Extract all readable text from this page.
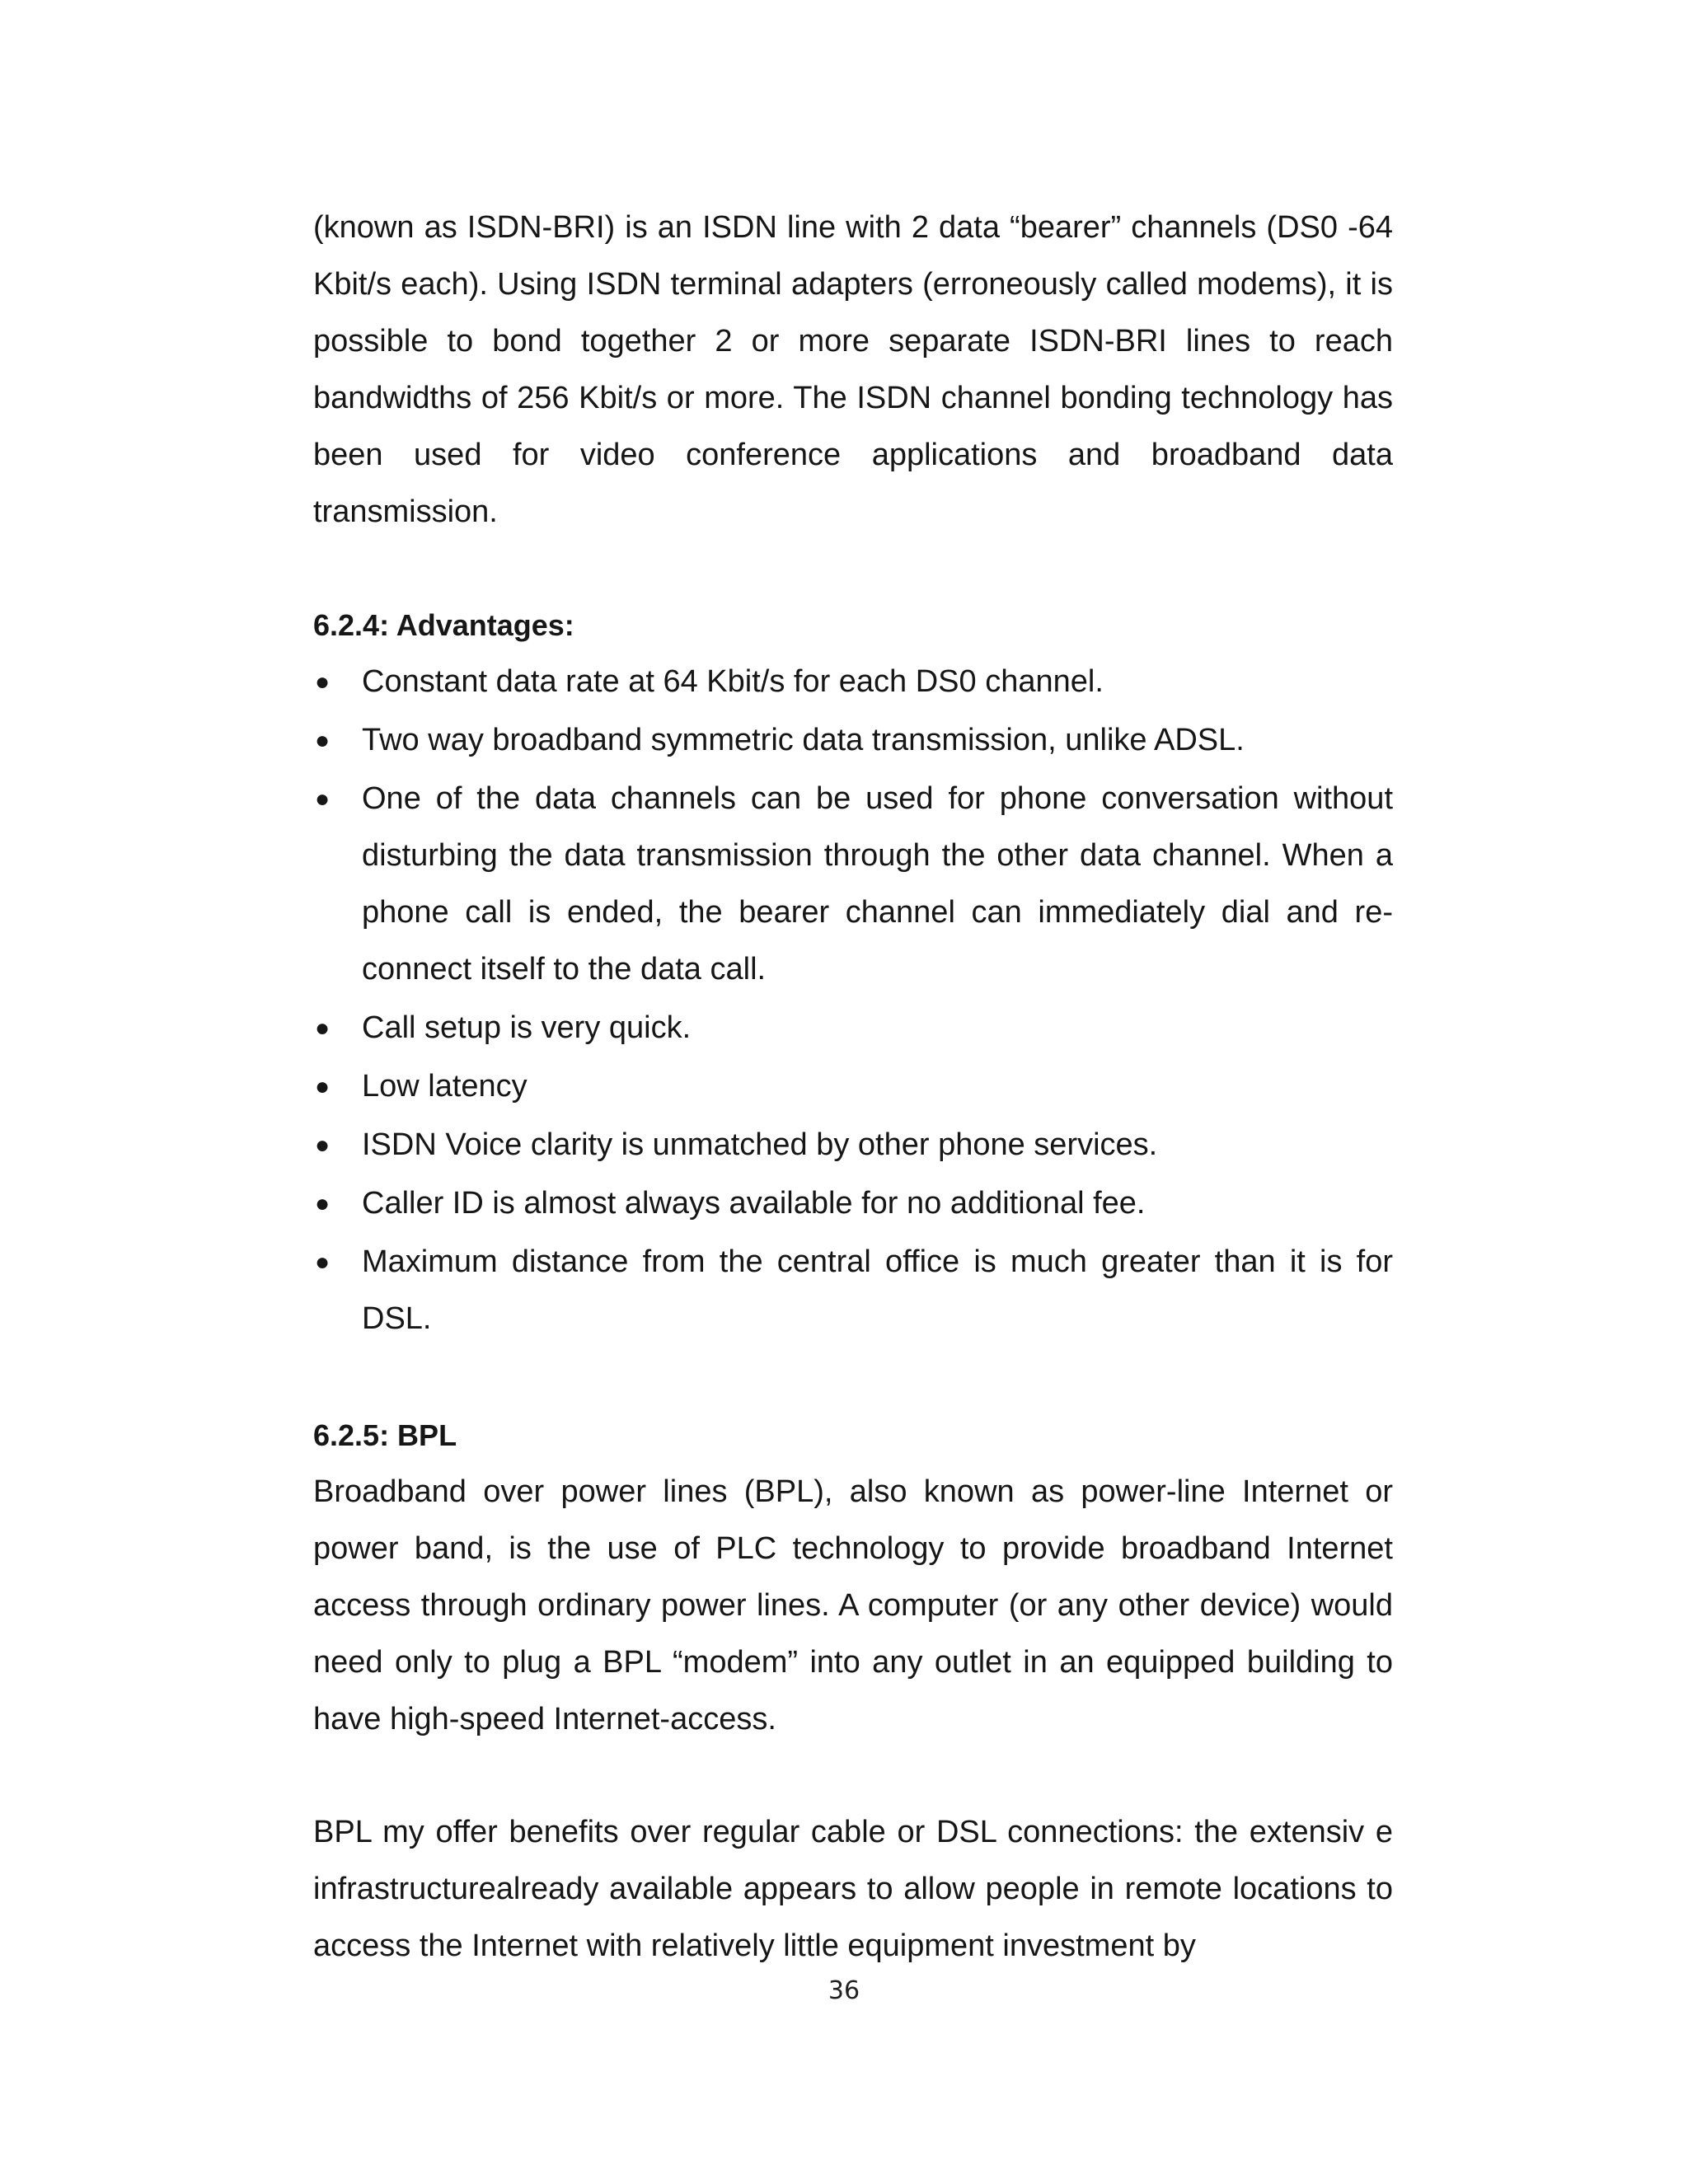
(known as ISDN-BRI) is an ISDN line with 2 data “bearer” channels (DS0 -64 Kbit/s each). Using ISDN terminal adapters (erroneously called modems), it is possible to bond together 2 or more separate ISDN-BRI lines to reach bandwidths of 256 Kbit/s or more. The ISDN channel bonding technology has been used for video conference applications and broadband data transmission.

6.2.4: Advantages:
● Constant data rate at 64 Kbit/s for each DS0 channel.
● Two way broadband symmetric data transmission, unlike ADSL.
● One of the data channels can be used for phone conversation without disturbing the data transmission through the other data channel. When a phone call is ended, the bearer channel can immediately dial and re-connect itself to the data call.
● Call setup is very quick.
● Low latency
● ISDN Voice clarity is unmatched by other phone services.
● Caller ID is almost always available for no additional fee.
● Maximum distance from the central office is much greater than it is for DSL.
6.2.5: BPL

Broadband over power lines (BPL), also known as power-line Internet or power band, is the use of PLC technology to provide broadband Internet access through ordinary power lines. A computer (or any other device) would need only to plug a BPL “modem” into any outlet in an equipped building to have high-speed Internet-access.

BPL my offer benefits over regular cable or DSL connections: the extensiv e infrastructurealready available appears to allow people in remote locations to access the Internet with relatively little equipment investment by

36
